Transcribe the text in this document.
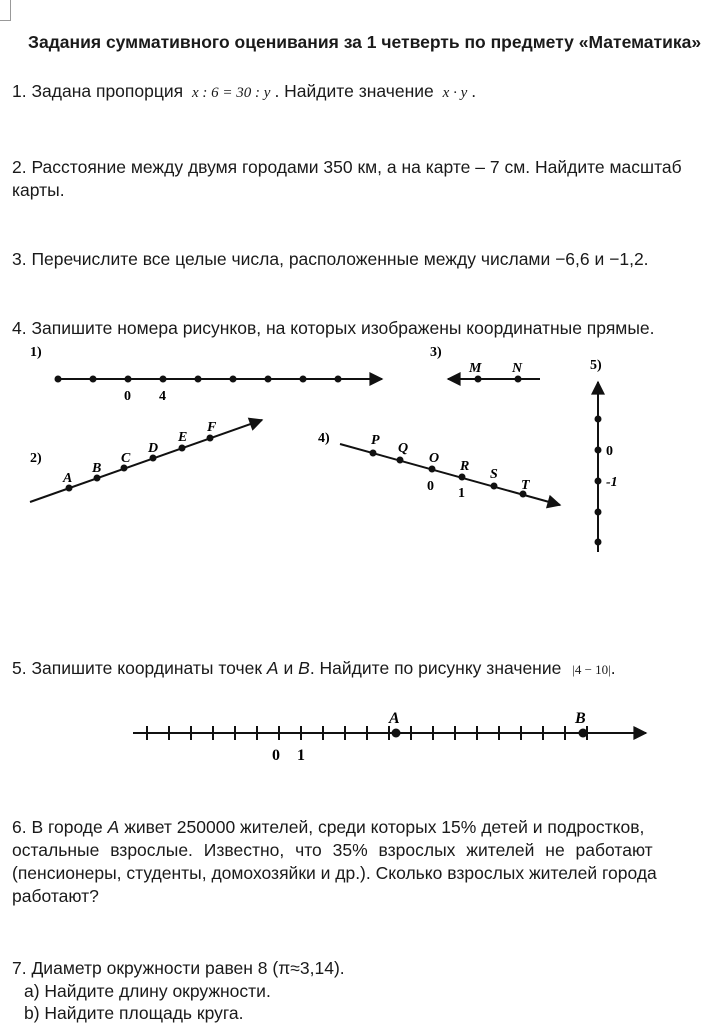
Задания суммативного оценивания за 1 четверть по предмету «Математика»
1. Задана пропорция x : 6 = 30 : y . Найдите значение x · y .
2. Расстояние между двумя городами 350 км, а на карте – 7 см. Найдите масштаб
карты.
3. Перечислите все целые числа, расположенные между числами −6,6 и −1,2.
4. Запишите номера рисунков, на которых изображены координатные прямые.
5. Запишите координаты точек A и B. Найдите по рисунку значение |4 − 10|.
6. В городе A живет 250000 жителей, среди которых 15% детей и подростков,
остальные взрослые. Известно, что 35% взрослых жителей не работают
(пенсионеры, студенты, домохозяйки и др.). Сколько взрослых жителей города
работают?
7. Диаметр окружности равен 8 (π≈3,14).
a) Найдите длину окружности.
b) Найдите площадь круга.
1)
0 4
2)
A
B
C
D
E
F
3)
M N
4)	P
Q
O
R
S
T
0 1
5)
0
-1
A	B
0 1
